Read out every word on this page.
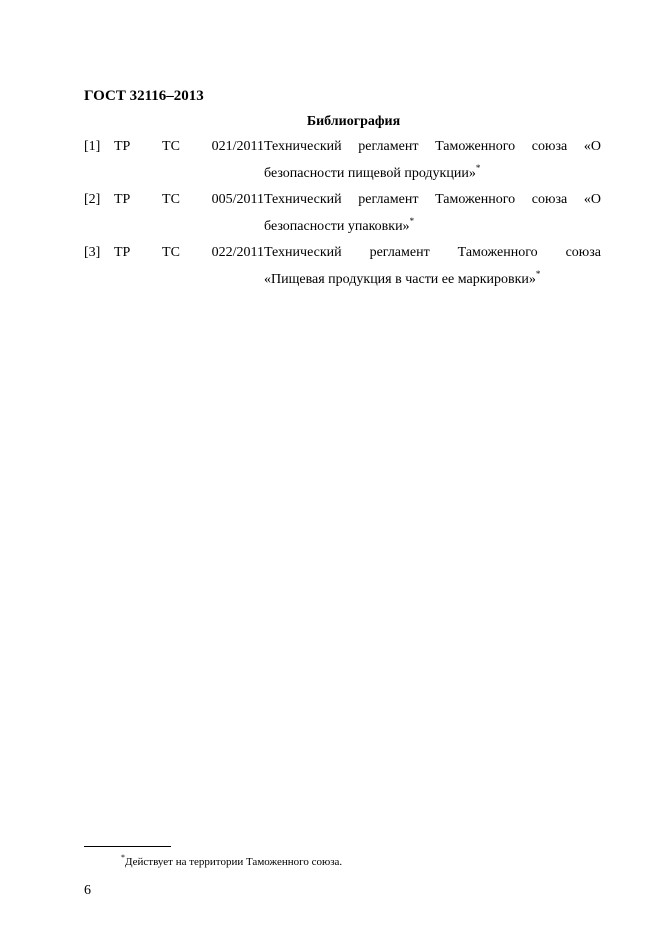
ГОСТ 32116–2013
Библиография
[1] ТР ТС 021/2011 Технический регламент Таможенного союза «О
безопасности пищевой продукции»*
[2] ТР ТС 005/2011 Технический регламент Таможенного союза «О
безопасности упаковки»*
[3] ТР ТС 022/2011 Технический регламент Таможенного союза
«Пищевая продукция в части ее маркировки»*
*Действует на территории Таможенного союза.
6
